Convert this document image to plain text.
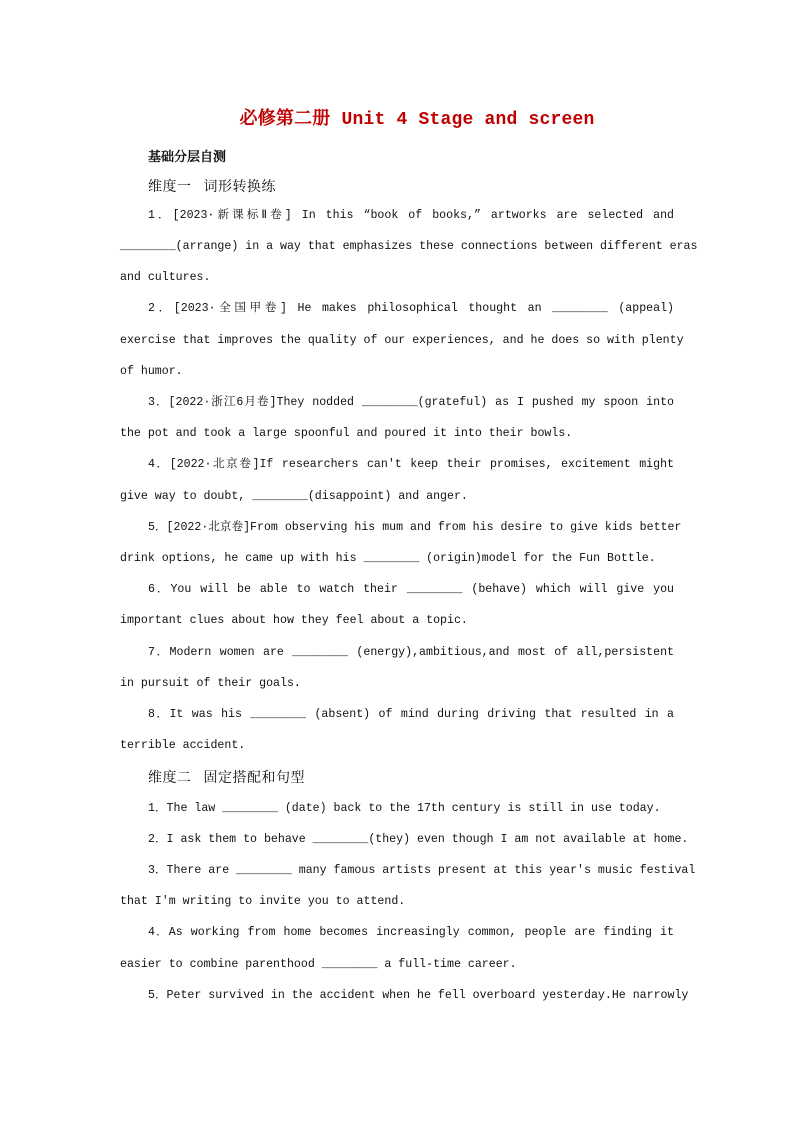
必修第二册 Unit 4 Stage and screen
基础分层自测
维度一 词形转换练
1．[2023·新课标Ⅱ卷] In this “book of books,” artworks are selected and
________(arrange) in a way that emphasizes these connections between different eras
and cultures.
2．[2023·全国甲卷] He makes philosophical thought an ________ (appeal)
exercise that improves the quality of our experiences, and he does so with plenty
of humor.
3．[2022·浙江6月卷]They nodded ________(grateful) as I pushed my spoon into
the pot and took a large spoonful and poured it into their bowls.
4．[2022·北京卷]If researchers can't keep their promises, excitement might
give way to doubt, ________(disappoint) and anger.
5．[2022·北京卷]From observing his mum and from his desire to give kids better
drink options, he came up with his ________ (origin)model for the Fun Bottle.
6．You will be able to watch their ________ (behave) which will give you
important clues about how they feel about a topic.
7．Modern women are ________ (energy),ambitious,and most of all,persistent
in pursuit of their goals.
8．It was his ________ (absent) of mind during driving that resulted in a
terrible accident.
维度二 固定搭配和句型
1．The law ________ (date) back to the 17th century is still in use today.
2．I ask them to behave ________(they) even though I am not available at home.
3．There are ________ many famous artists present at this year's music festival
that I'm writing to invite you to attend.
4．As working from home becomes increasingly common, people are finding it
easier to combine parenthood ________ a full-time career.
5．Peter survived in the accident when he fell overboard yesterday.He narrowly
